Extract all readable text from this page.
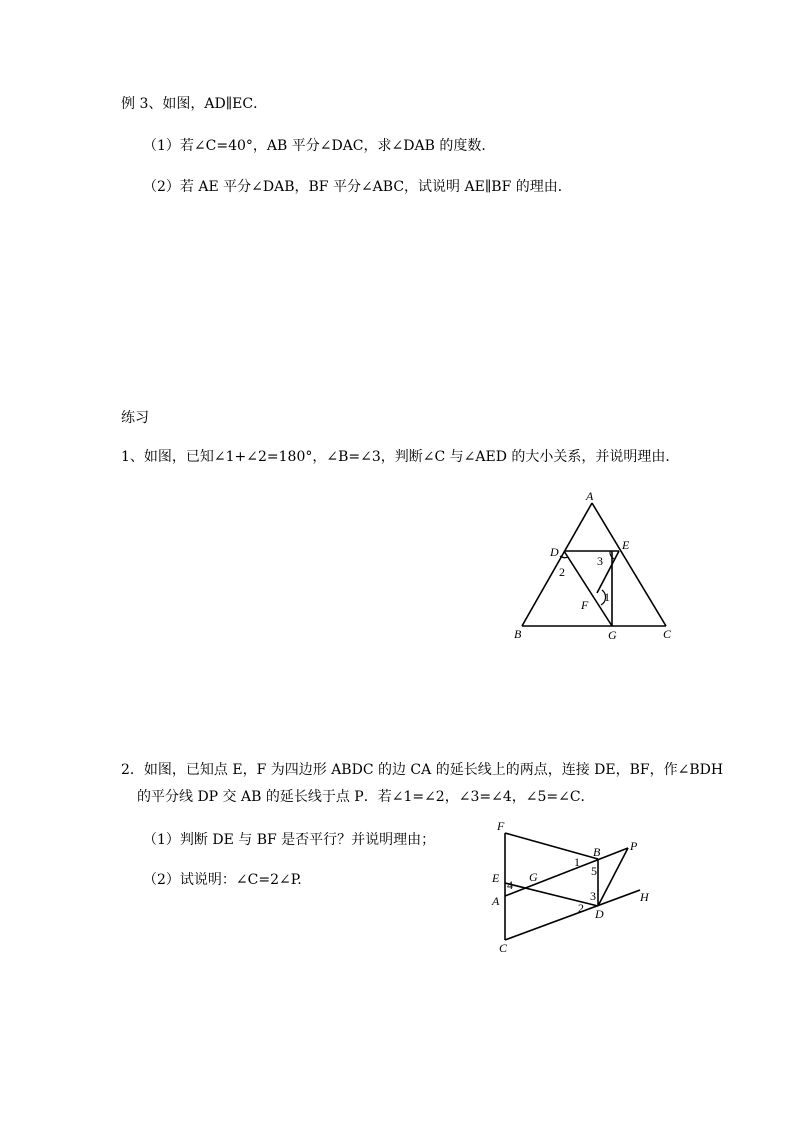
例 3、如图，AD∥EC．
（1）若∠C=40°，AB 平分∠DAC，求∠DAB 的度数．
（2）若 AE 平分∠DAB，BF 平分∠ABC，试说明 AE∥BF 的理由．
练习
1、如图，已知∠1+∠2=180°，∠B=∠3，判断∠C 与∠AED 的大小关系，并说明理由．
A
D	E
F
B	G	C
2
3
1
2．如图，已知点 E，F 为四边形 ABDC 的边 CA 的延长线上的两点，连接 DE，BF，作∠BDH
的平分线 DP 交 AB 的延长线于点 P．若∠1=∠2，∠3=∠4，∠5=∠C．
（1）判断 DE 与 BF 是否平行？并说明理由；
（2）试说明：∠C=2∠P.
F
E
A
C
G
B P
D
H
1
5
4
3
2
